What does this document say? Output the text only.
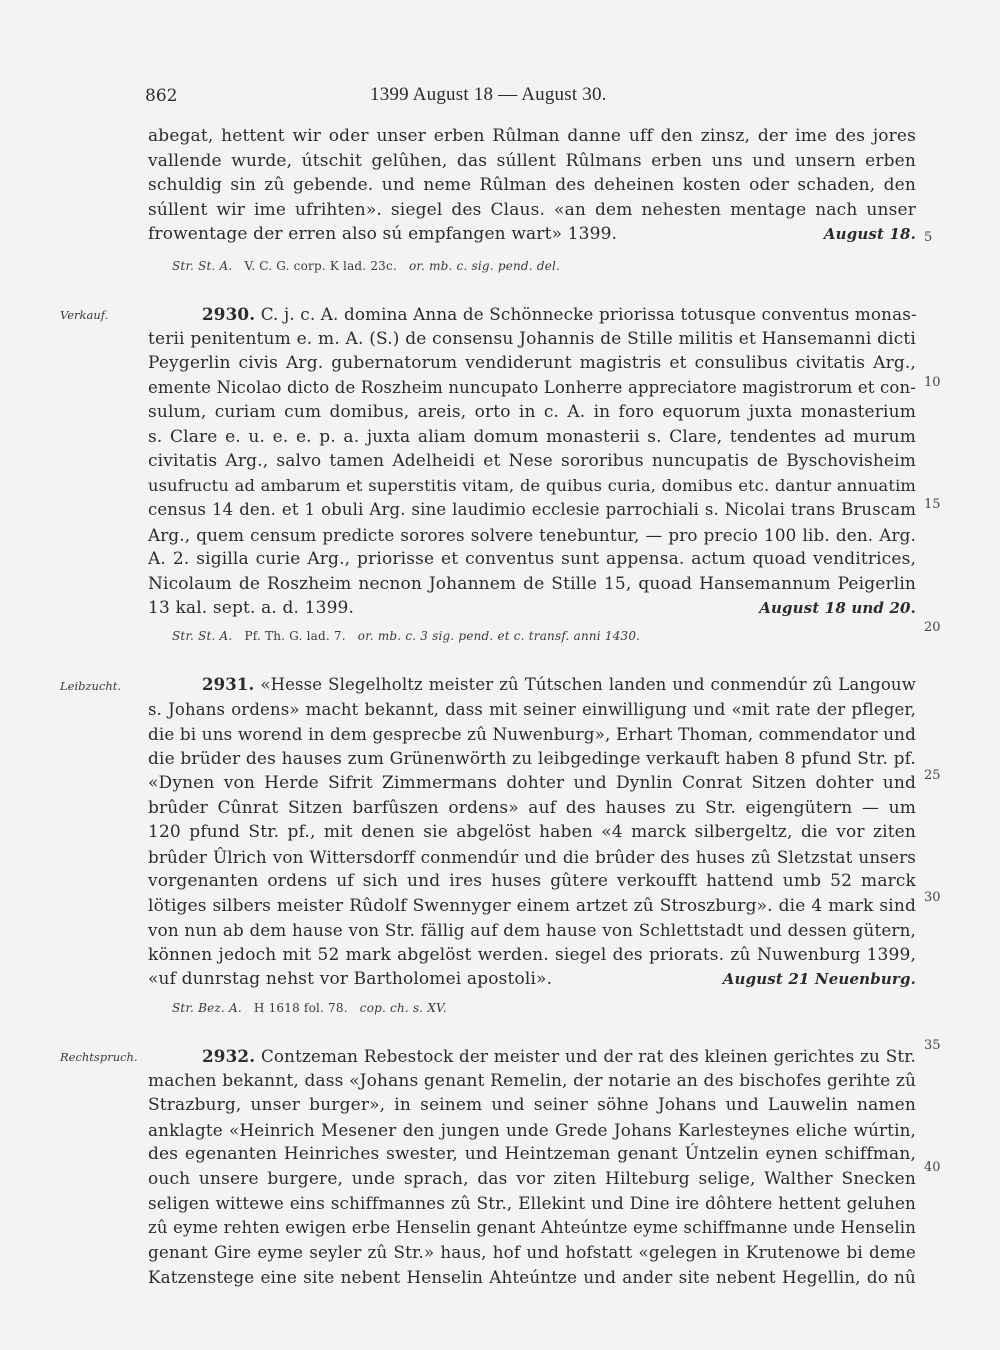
862	1399 August 18 — August 30.
abegat, hettent wir oder unser erben Rûlman danne uff den zinsz, der ime des jores
vallende wurde, útschit gelûhen, das súllent Rûlmans erben uns und unsern erben
schuldig sin zû gebende. und neme Rûlman des deheinen kosten oder schaden, den
súllent wir ime ufrihten». siegel des Claus. «an dem nehesten mentage nach unser
frowentage der erren also sú empfangen wart» 1399.	August 18.
Str. St. A. V. C. G. corp. K lad. 23c. or. mb. c. sig. pend. del.
Verkauf.	2930. C. j. c. A. domina Anna de Schönnecke priorissa totusque conventus monas-
terii penitentum e. m. A. (S.) de consensu Johannis de Stille militis et Hansemanni dicti
Peygerlin civis Arg. gubernatorum vendiderunt magistris et consulibus civitatis Arg.,
emente Nicolao dicto de Roszheim nuncupato Lonherre appreciatore magistrorum et con-
sulum, curiam cum domibus, areis, orto in c. A. in foro equorum juxta monasterium
s. Clare e. u. e. e. p. a. juxta aliam domum monasterii s. Clare, tendentes ad murum
civitatis Arg., salvo tamen Adelheidi et Nese sororibus nuncupatis de Byschovisheim
usufructu ad ambarum et superstitis vitam, de quibus curia, domibus etc. dantur annuatim
census 14 den. et 1 obuli Arg. sine laudimio ecclesie parrochiali s. Nicolai trans Bruscam
Arg., quem censum predicte sorores solvere tenebuntur, — pro precio 100 lib. den. Arg.
A. 2. sigilla curie Arg., priorisse et conventus sunt appensa. actum quoad venditrices,
Nicolaum de Roszheim necnon Johannem de Stille 15, quoad Hansemannum Peigerlin
13 kal. sept. a. d. 1399.	August 18 und 20.
Str. St. A. Pf. Th. G. lad. 7. or. mb. c. 3 sig. pend. et c. transf. anni 1430.
Leibzucht.	2931. «Hesse Slegelholtz meister zû Tútschen landen und conmendúr zû Langouw
s. Johans ordens» macht bekannt, dass mit seiner einwilligung und «mit rate der pfleger,
die bi uns worend in dem gesprecbe zû Nuwenburg», Erhart Thoman, commendator und
die brüder des hauses zum Grünenwörth zu leibgedinge verkauft haben 8 pfund Str. pf.
«Dynen von Herde Sifrit Zimmermans dohter und Dynlin Conrat Sitzen dohter und
brûder Cûnrat Sitzen barfûszen ordens» auf des hauses zu Str. eigengütern — um
120 pfund Str. pf., mit denen sie abgelöst haben «4 marck silbergeltz, die vor ziten
brûder Ûlrich von Wittersdorff conmendúr und die brûder des huses zû Sletzstat unsers
vorgenanten ordens uf sich und ires huses gûtere verkoufft hattend umb 52 marck
lötiges silbers meister Rûdolf Swennyger einem artzet zû Stroszburg». die 4 mark sind
von nun ab dem hause von Str. fällig auf dem hause von Schlettstadt und dessen gütern,
können jedoch mit 52 mark abgelöst werden. siegel des priorats. zû Nuwenburg 1399,
«uf dunrstag nehst vor Bartholomei apostoli».	August 21 Neuenburg.
Str. Bez. A. H 1618 fol. 78. cop. ch. s. XV.
Rechtspruch.	2932. Contzeman Rebestock der meister und der rat des kleinen gerichtes zu Str.
machen bekannt, dass «Johans genant Remelin, der notarie an des bischofes gerihte zû
Strazburg, unser burger», in seinem und seiner söhne Johans und Lauwelin namen
anklagte «Heinrich Mesener den jungen unde Grede Johans Karlesteynes eliche wúrtin,
des egenanten Heinriches swester, und Heintzeman genant Úntzelin eynen schiffman,
ouch unsere burgere, unde sprach, das vor ziten Hilteburg selige, Walther Snecken
seligen wittewe eins schiffmannes zû Str., Ellekint und Dine ire dôhtere hettent geluhen
zû eyme rehten ewigen erbe Henselin genant Ahteúntze eyme schiffmanne unde Henselin
genant Gire eyme seyler zû Str.» haus, hof und hofstatt «gelegen in Krutenowe bi deme
Katzenstege eine site nebent Henselin Ahteúntze und ander site nebent Hegellin, do nû
5
10
15
20
25
30
35
40
